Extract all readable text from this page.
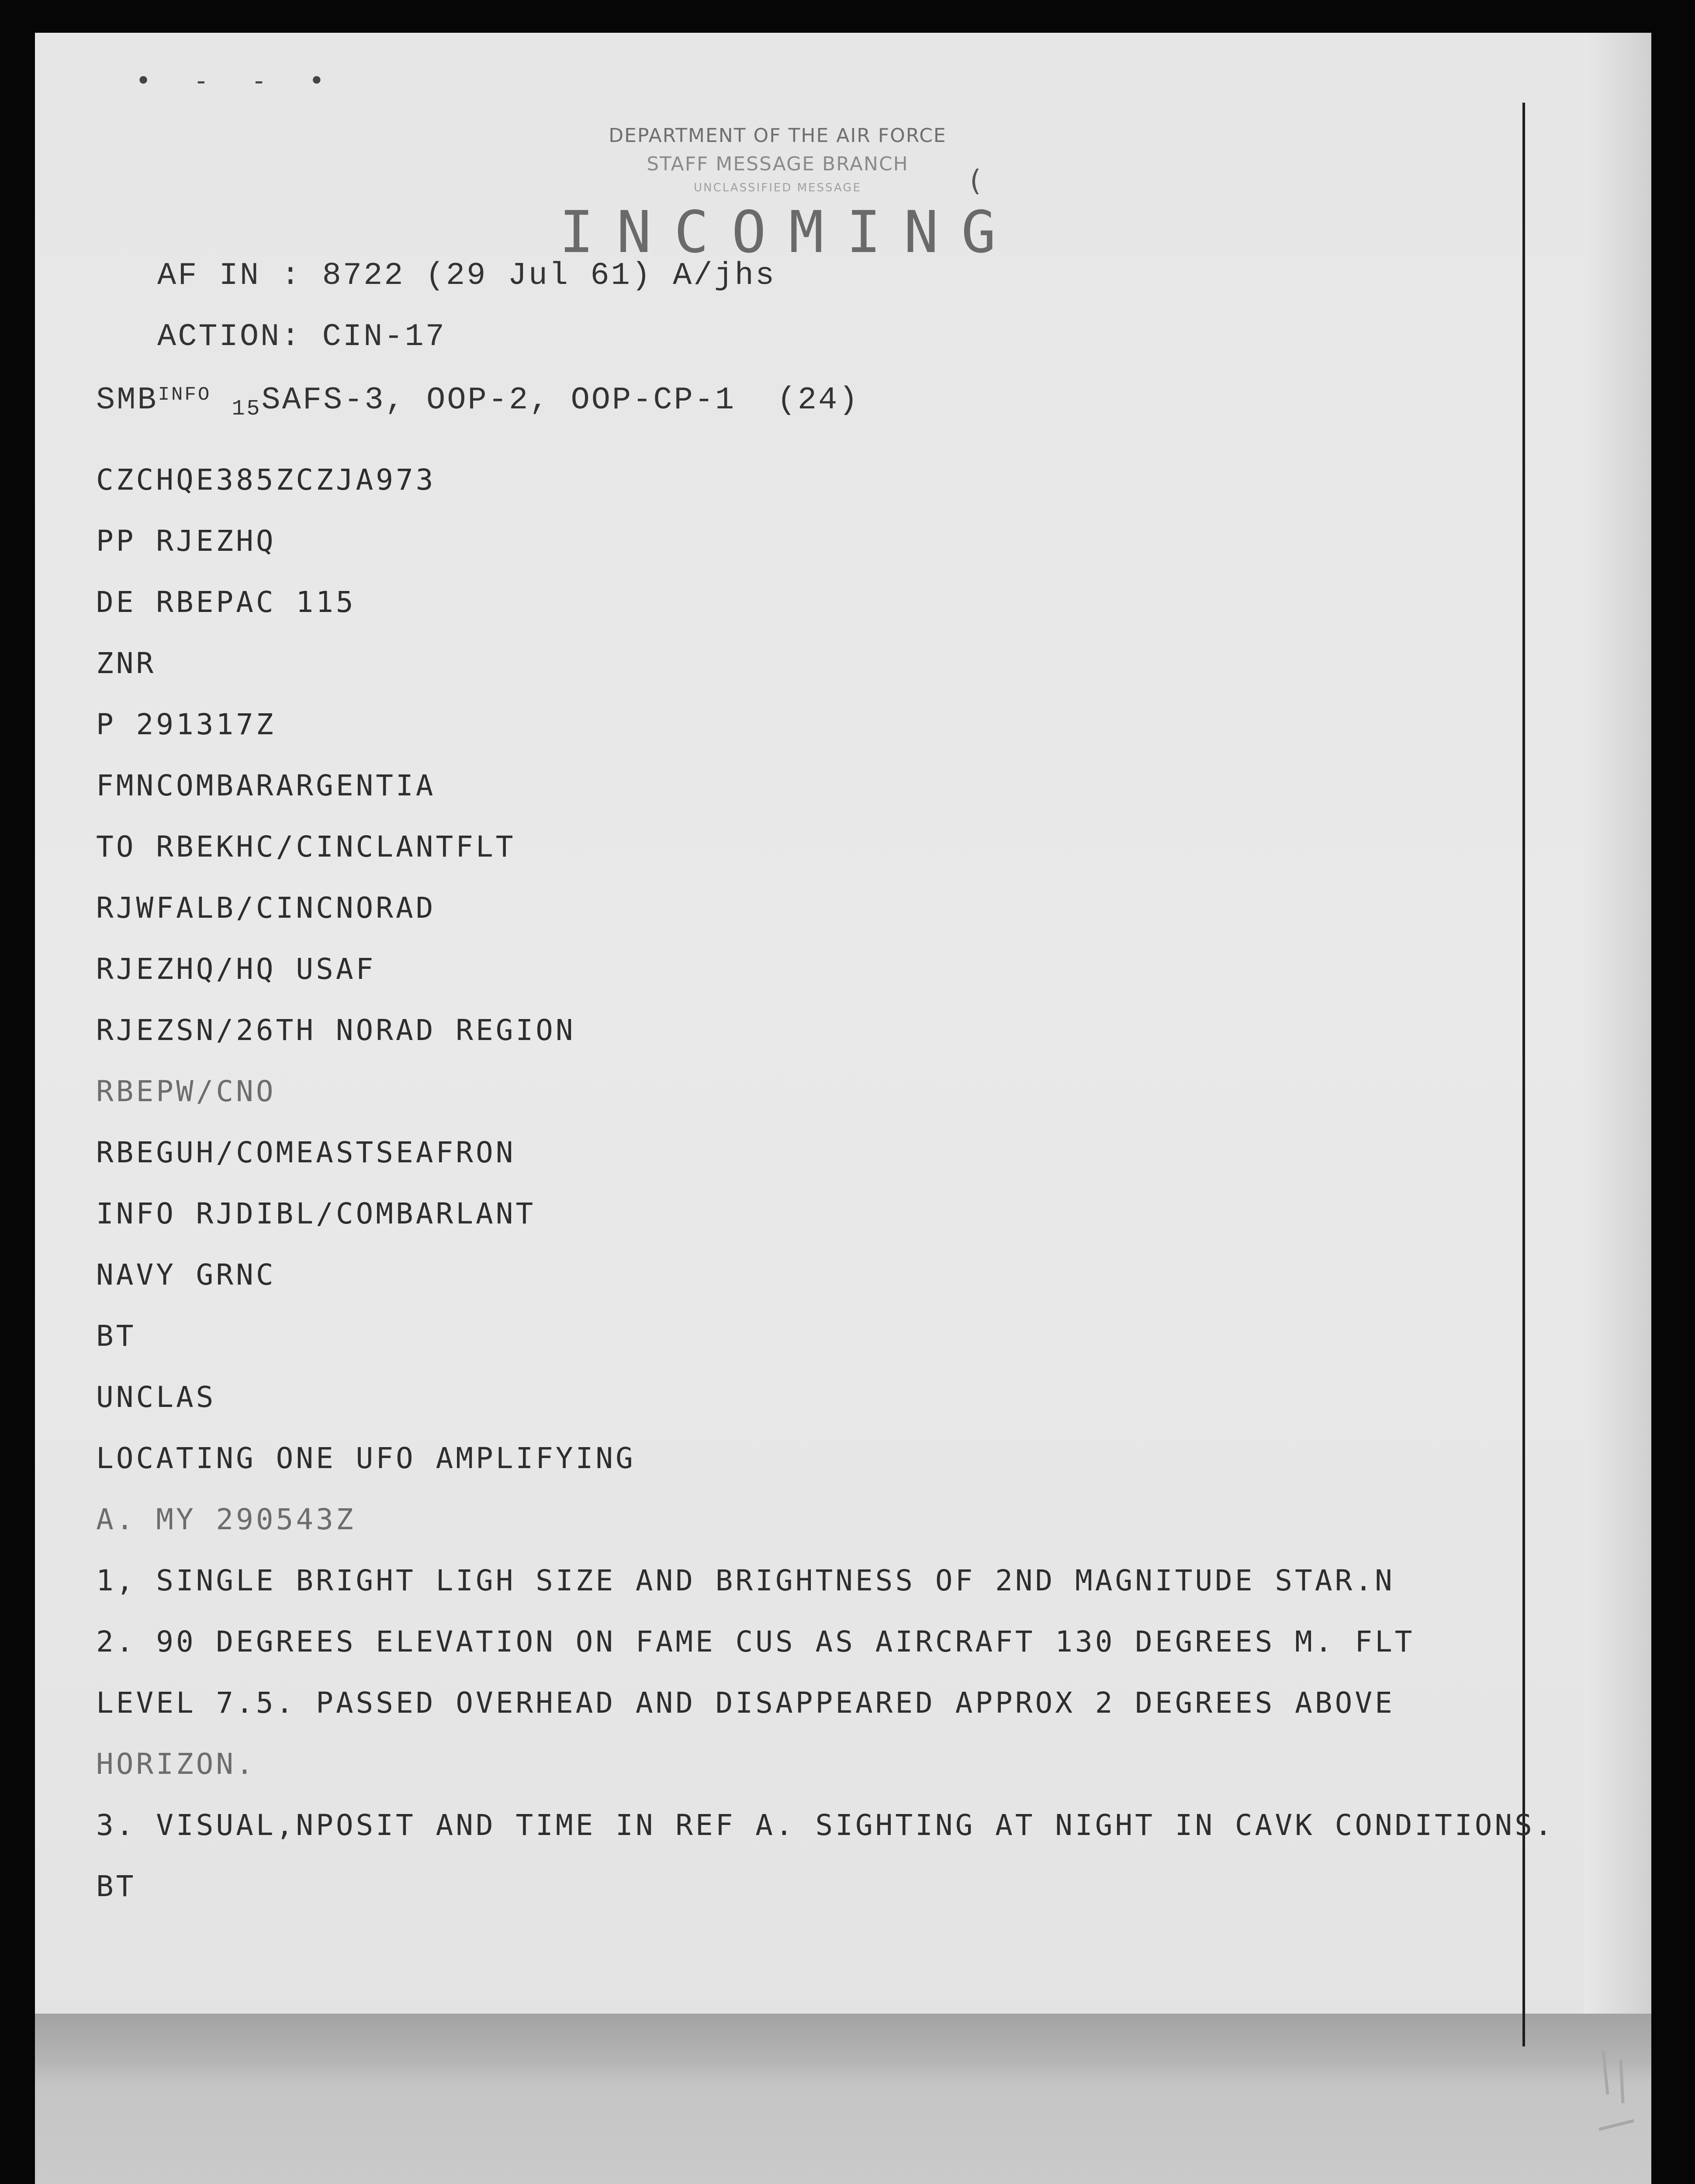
• - - •
DEPARTMENT OF THE AIR FORCE
STAFF MESSAGE BRANCH
UNCLASSIFIED MESSAGE
INCOMING
(
AF IN : 8722 (29 Jul 61) A/jhs
ACTION: CIN-17
$SMB^{INFO}$ $_{15}$SAFS-3, OOP-2, OOP-CP-1  (24)
CZCHQE385ZCZJA973
PP RJEZHQ
DE RBEPAC 115
ZNR
P 291317Z
FMNCOMBARARGENTIA
TO RBEKHC/CINCLANTFLT
RJWFALB/CINCNORAD
RJEZHQ/HQ USAF
RJEZSN/26TH NORAD REGION
RBEPW/CNO
RBEGUH/COMEASTSEAFRON
INFO RJDIBL/COMBARLANT
NAVY GRNC
BT
UNCLAS
LOCATING ONE UFO AMPLIFYING
A. MY 290543Z
1, SINGLE BRIGHT LIGH SIZE AND BRIGHTNESS OF 2ND MAGNITUDE STAR.N
2. 90 DEGREES ELEVATION ON FAME CUS AS AIRCRAFT 130 DEGREES M. FLT
LEVEL 7.5. PASSED OVERHEAD AND DISAPPEARED APPROX 2 DEGREES ABOVE
HORIZON.
3. VISUAL,NPOSIT AND TIME IN REF A. SIGHTING AT NIGHT IN CAVK CONDITIONS.
BT
